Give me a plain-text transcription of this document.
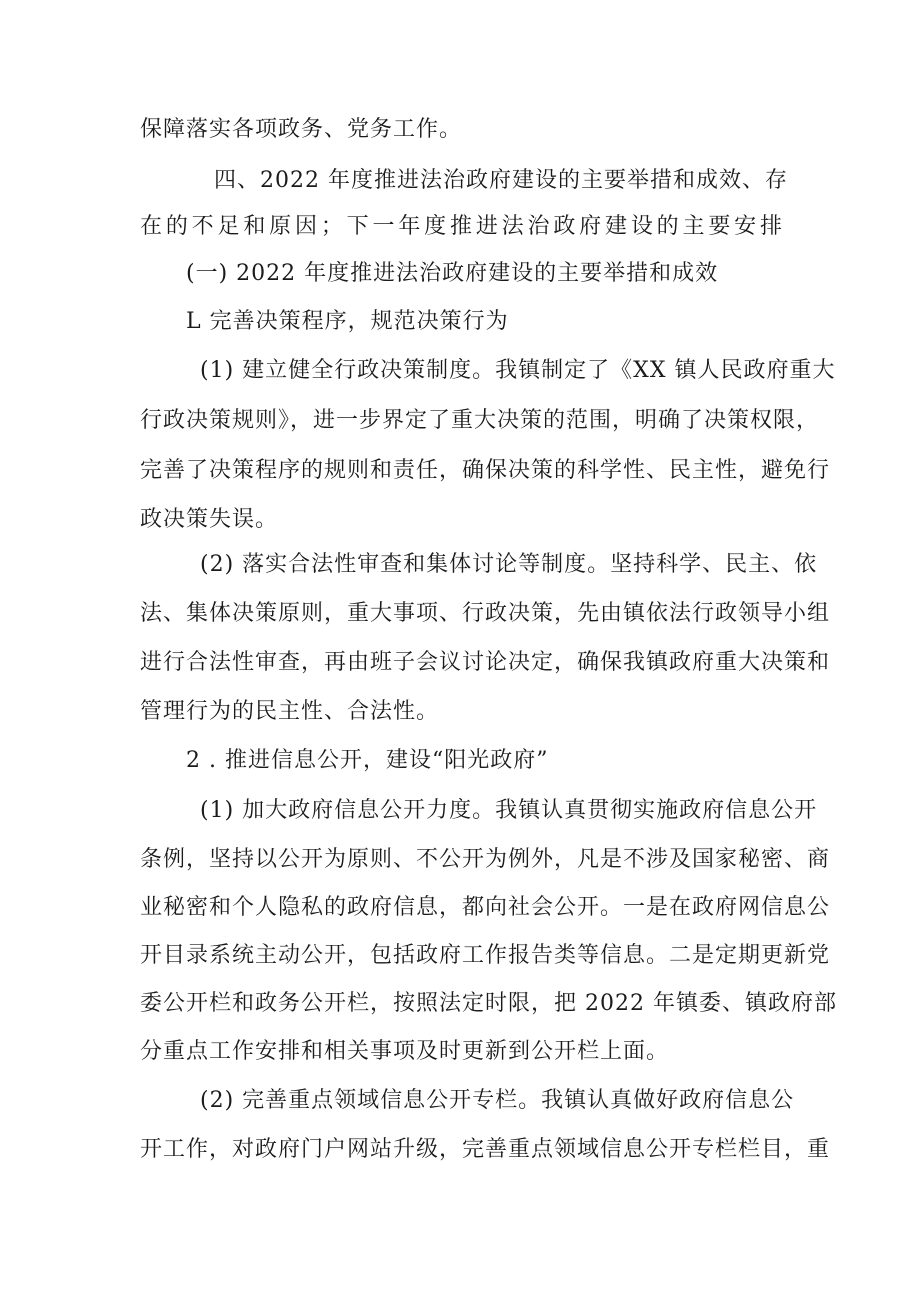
保障落实各项政务、党务工作。
四、2022 年度推进法治政府建设的主要举措和成效、存
在的不足和原因；下一年度推进法治政府建设的主要安排
(一) 2022 年度推进法治政府建设的主要举措和成效
L 完善决策程序，规范决策行为
(1) 建立健全行政决策制度。我镇制定了《XX 镇人民政府重大
行政决策规则》，进一步界定了重大决策的范围，明确了决策权限，
完善了决策程序的规则和责任，确保决策的科学性、民主性，避免行
政决策失误。
(2) 落实合法性审查和集体讨论等制度。坚持科学、民主、依
法、集体决策原则，重大事项、行政决策，先由镇依法行政领导小组
进行合法性审查，再由班子会议讨论决定，确保我镇政府重大决策和
管理行为的民主性、合法性。
2 . 推进信息公开，建设“阳光政府”
(1) 加大政府信息公开力度。我镇认真贯彻实施政府信息公开
条例，坚持以公开为原则、不公开为例外，凡是不涉及国家秘密、商
业秘密和个人隐私的政府信息，都向社会公开。一是在政府网信息公
开目录系统主动公开，包括政府工作报告类等信息。二是定期更新党
委公开栏和政务公开栏，按照法定时限，把 2022 年镇委、镇政府部
分重点工作安排和相关事项及时更新到公开栏上面。
(2) 完善重点领域信息公开专栏。我镇认真做好政府信息公
开工作，对政府门户网站升级，完善重点领域信息公开专栏栏目，重
